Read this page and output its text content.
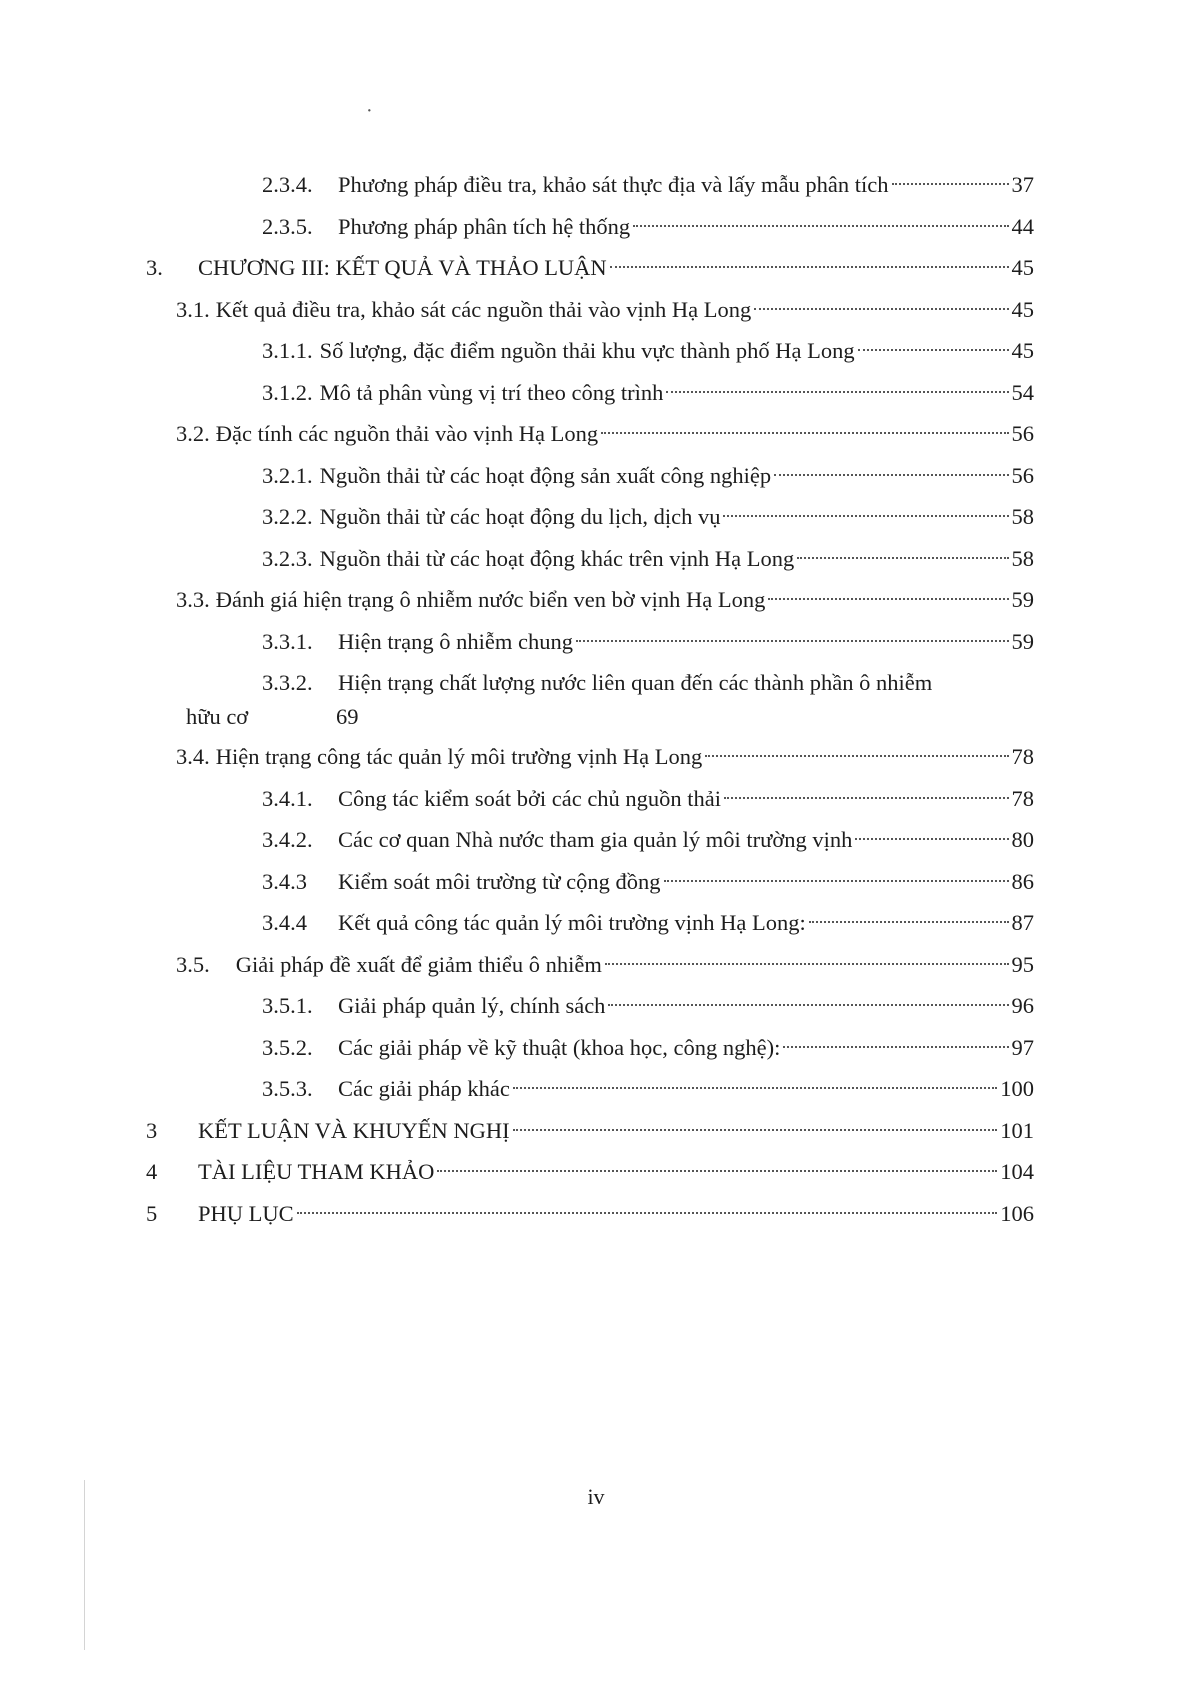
·
2.3.4.	Phương pháp điều tra, khảo sát thực địa và lấy mẫu phân tích	37
2.3.5.	Phương pháp phân tích hệ thống	44
3.	CHƯƠNG III: KẾT QUẢ VÀ THẢO LUẬN	45
3.1. Kết quả điều tra, khảo sát các nguồn thải vào vịnh Hạ Long	45
3.1.1. Số lượng, đặc điểm nguồn thải khu vực thành phố Hạ Long	45
3.1.2. Mô tả phân vùng vị trí theo công trình	54
3.2. Đặc tính các nguồn thải vào vịnh Hạ Long	56
3.2.1. Nguồn thải từ các hoạt động sản xuất công nghiệp	56
3.2.2. Nguồn thải từ các hoạt động du lịch, dịch vụ	58
3.2.3. Nguồn thải từ các hoạt động khác trên vịnh Hạ Long	58
3.3. Đánh giá hiện trạng ô nhiễm nước biển ven bờ vịnh Hạ Long	59
3.3.1.	Hiện trạng ô nhiễm chung	59
3.3.2. Hiện trạng chất lượng nước liên quan đến các thành phần ô nhiễm
hữu cơ	69
3.4. Hiện trạng công tác quản lý môi trường vịnh Hạ Long	78
3.4.1.	Công tác kiểm soát bởi các chủ nguồn thải	78
3.4.2.	Các cơ quan Nhà nước tham gia quản lý môi trường vịnh	80
3.4.3	Kiểm soát môi trường từ cộng đồng	86
3.4.4	Kết quả công tác quản lý môi trường vịnh Hạ Long:	87
3.5. Giải pháp đề xuất để giảm thiểu ô nhiễm	95
3.5.1.	Giải pháp quản lý, chính sách	96
3.5.2.	Các giải pháp về kỹ thuật (khoa học, công nghệ):	97
3.5.3.	Các giải pháp khác	100
3	KẾT LUẬN VÀ KHUYẾN NGHỊ	101
4	TÀI LIỆU THAM KHẢO	104
5	PHỤ LỤC	106
iv
